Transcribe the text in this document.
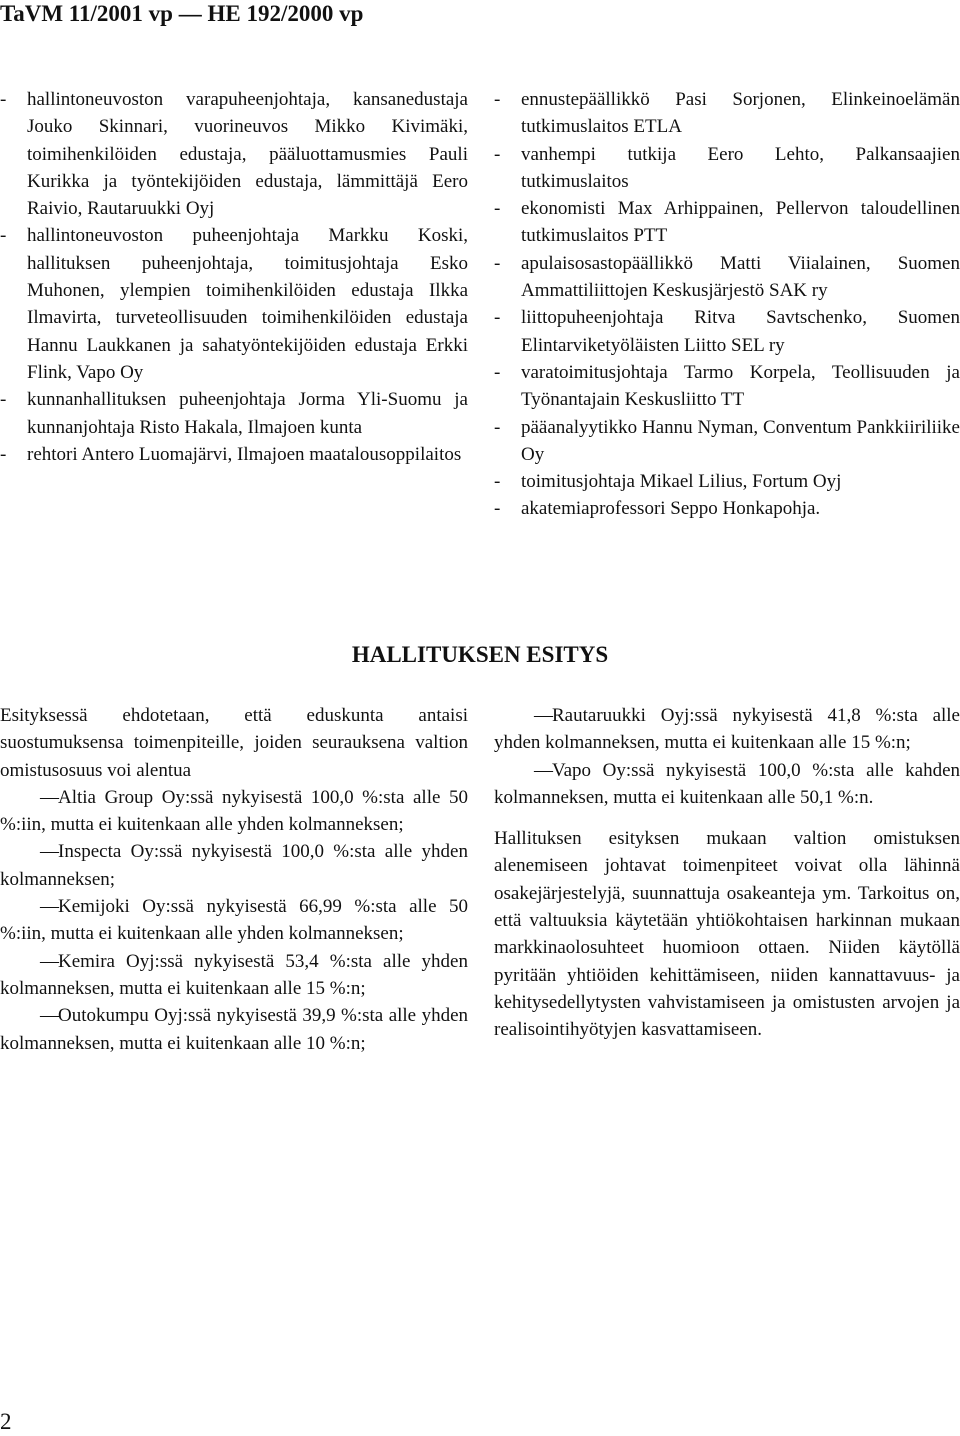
TaVM 11/2001 vp — HE 192/2000 vp

- hallintoneuvoston varapuheenjohtaja, kansanedustaja Jouko Skinnari, vuorineuvos Mikko Kivimäki, toimihenkilöiden edustaja, pääluottamusmies Pauli Kurikka ja työntekijöiden edustaja, lämmittäjä Eero Raivio, Rautaruukki Oyj

- hallintoneuvoston puheenjohtaja Markku Koski, hallituksen puheenjohtaja, toimitusjohtaja Esko Muhonen, ylempien toimihenkilöiden edustaja Ilkka Ilmavirta, turveteollisuuden toimihenkilöiden edustaja Hannu Laukkanen ja sahatyöntekijöiden edustaja Erkki Flink, Vapo Oy

- kunnanhallituksen puheenjohtaja Jorma Yli-Suomu ja kunnanjohtaja Risto Hakala, Ilmajoen kunta

- rehtori Antero Luomajärvi, Ilmajoen maatalousoppilaitos

- ennustepäällikkö Pasi Sorjonen, Elinkeinoelämän tutkimuslaitos ETLA

- vanhempi tutkija Eero Lehto, Palkansaajien tutkimuslaitos

- ekonomisti Max Arhippainen, Pellervon taloudellinen tutkimuslaitos PTT

- apulaisosastopäällikkö Matti Viialainen, Suomen Ammattiliittojen Keskusjärjestö SAK ry

- liittopuheenjohtaja Ritva Savtschenko, Suomen Elintarviketyöläisten Liitto SEL ry

- varatoimitusjohtaja Tarmo Korpela, Teollisuuden ja Työnantajain Keskusliitto TT

- pääanalyytikko Hannu Nyman, Conventum Pankkiiriliike Oy

- toimitusjohtaja Mikael Lilius, Fortum Oyj

- akatemiaprofessori Seppo Honkapohja.

HALLITUKSEN ESITYS

Esityksessä ehdotetaan, että eduskunta antaisi suostumuksensa toimenpiteille, joiden seurauksena valtion omistusosuus voi alentua

—Altia Group Oy:ssä nykyisestä 100,0 %:sta alle 50 %:iin, mutta ei kuitenkaan alle yhden kolmanneksen;

—Inspecta Oy:ssä nykyisestä 100,0 %:sta alle yhden kolmanneksen;

—Kemijoki Oy:ssä nykyisestä 66,99 %:sta alle 50 %:iin, mutta ei kuitenkaan alle yhden kolmanneksen;

—Kemira Oyj:ssä nykyisestä 53,4 %:sta alle yhden kolmanneksen, mutta ei kuitenkaan alle 15 %:n;

—Outokumpu Oyj:ssä nykyisestä 39,9 %:sta alle yhden kolmanneksen, mutta ei kuitenkaan alle 10 %:n;

—Rautaruukki Oyj:ssä nykyisestä 41,8 %:sta alle yhden kolmanneksen, mutta ei kuitenkaan alle 15 %:n;

—Vapo Oy:ssä nykyisestä 100,0 %:sta alle kahden kolmanneksen, mutta ei kuitenkaan alle 50,1 %:n.

Hallituksen esityksen mukaan valtion omistuksen alenemiseen johtavat toimenpiteet voivat olla lähinnä osakejärjestelyjä, suunnattuja osakeanteja ym. Tarkoitus on, että valtuuksia käytetään yhtiökohtaisen harkinnan mukaan markkinaolosuhteet huomioon ottaen. Niiden käytöllä pyritään yhtiöiden kehittämiseen, niiden kannattavuus- ja kehitysedellytysten vahvistamiseen ja omistusten arvojen ja realisointihyötyjen kasvattamiseen.

2
